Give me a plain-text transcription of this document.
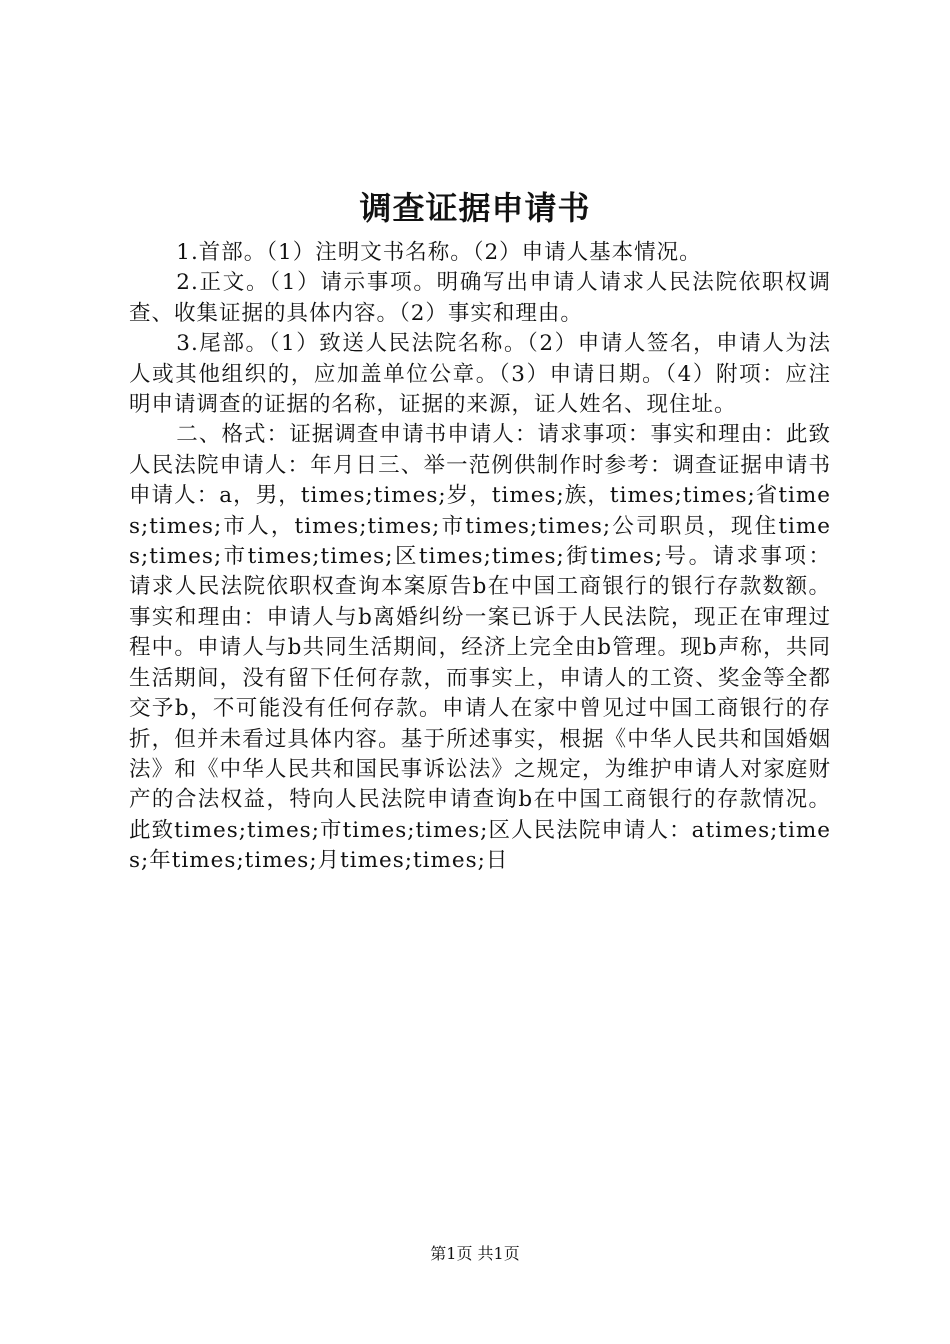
调查证据申请书

1.首部。（1）注明文书名称。（2）申请人基本情况。

2.正文。（1）请示事项。明确写出申请人请求人民法院依职权调查、收集证据的具体内容。（2）事实和理由。

3.尾部。（1）致送人民法院名称。（2）申请人签名，申请人为法人或其他组织的，应加盖单位公章。（3）申请日期。（4）附项：应注明申请调查的证据的名称，证据的来源，证人姓名、现住址。

二、格式：证据调查申请书申请人：请求事项：事实和理由：此致人民法院申请人：年月日三、举一范例供制作时参考：调查证据申请书申请人：a，男，times;times;岁，times;族，times;times;省times;times;市人，times;times;市times;times;公司职员，现住times;times;市times;times;区times;times;街times;号。请求事项：请求人民法院依职权查询本案原告b在中国工商银行的银行存款数额。事实和理由：申请人与b离婚纠纷一案已诉于人民法院，现正在审理过程中。申请人与b共同生活期间，经济上完全由b管理。现b声称，共同生活期间，没有留下任何存款，而事实上，申请人的工资、奖金等全都交予b，不可能没有任何存款。申请人在家中曾见过中国工商银行的存折，但并未看过具体内容。基于所述事实，根据《中华人民共和国婚姻法》和《中华人民共和国民事诉讼法》之规定，为维护申请人对家庭财产的合法权益，特向人民法院申请查询b在中国工商银行的存款情况。此致times;times;市times;times;区人民法院申请人：atimes;times;年times;times;月times;times;日

第1页 共1页
